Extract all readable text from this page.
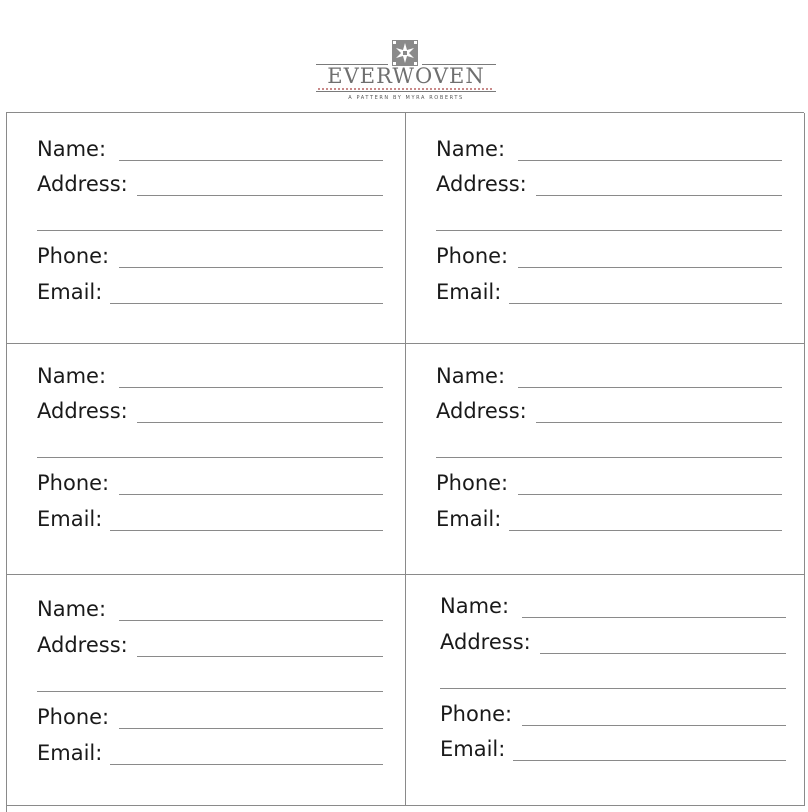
EVERWOVEN
A PATTERN BY MYRA ROBERTS
Name:
Address:
Phone:
Email:
Name:
Address:
Phone:
Email:
Name:
Address:
Phone:
Email:
Name:
Address:
Phone:
Email:
Name:
Address:
Phone:
Email:
Name:
Address:
Phone:
Email:
